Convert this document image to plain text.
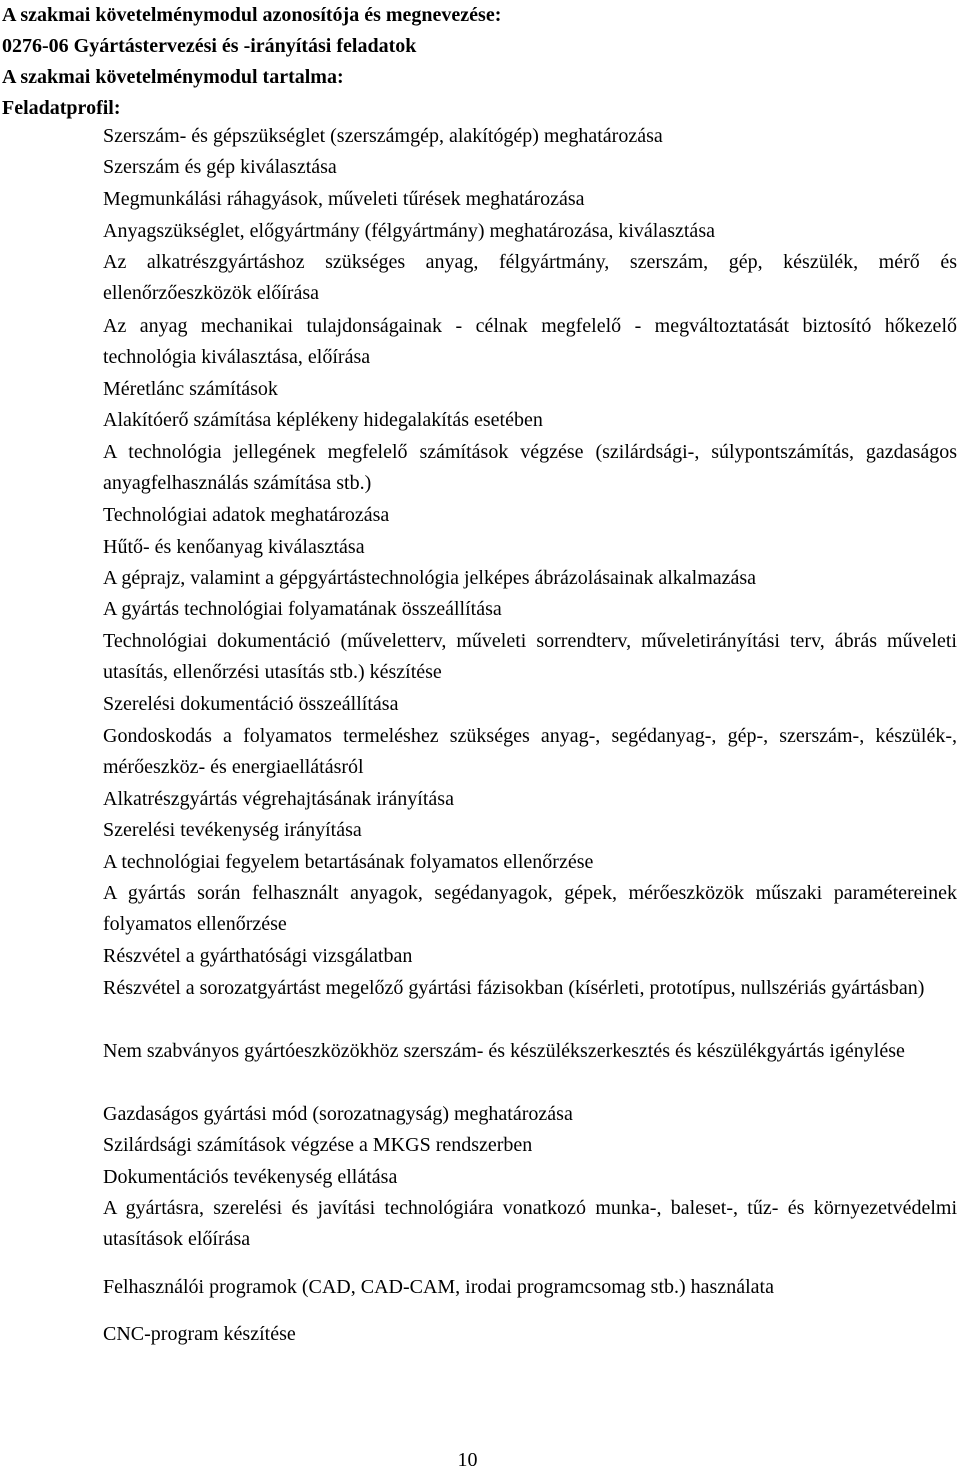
A szakmai követelménymodul azonosítója és megnevezése:
0276-06 Gyártástervezési és -irányítási feladatok
A szakmai követelménymodul tartalma:
Feladatprofil:
Szerszám- és gépszükséglet (szerszámgép, alakítógép) meghatározása
Szerszám és gép kiválasztása
Megmunkálási ráhagyások, műveleti tűrések meghatározása
Anyagszükséglet, előgyártmány (félgyártmány) meghatározása, kiválasztása
Az alkatrészgyártáshoz szükséges anyag, félgyártmány, szerszám, gép, készülék, mérő és ellenőrzőeszközök előírása
Az anyag mechanikai tulajdonságainak - célnak megfelelő - megváltoztatását biztosító hőkezelő technológia kiválasztása, előírása
Méretlánc számítások
Alakítóerő számítása képlékeny hidegalakítás esetében
A technológia jellegének megfelelő számítások végzése (szilárdsági-, súlypontszámítás, gazdaságos anyagfelhasználás számítása stb.)
Technológiai adatok meghatározása
Hűtő- és kenőanyag kiválasztása
A géprajz, valamint a gépgyártástechnológia jelképes ábrázolásainak alkalmazása
A gyártás technológiai folyamatának összeállítása
Technológiai dokumentáció (műveletterv, műveleti sorrendterv, műveletirányítási terv, ábrás műveleti utasítás, ellenőrzési utasítás stb.) készítése
Szerelési dokumentáció összeállítása
Gondoskodás a folyamatos termeléshez szükséges anyag-, segédanyag-, gép-, szerszám-, készülék-, mérőeszköz- és energiaellátásról
Alkatrészgyártás végrehajtásának irányítása
Szerelési tevékenység irányítása
A technológiai fegyelem betartásának folyamatos ellenőrzése
A gyártás során felhasznált anyagok, segédanyagok, gépek, mérőeszközök műszaki paramétereinek folyamatos ellenőrzése
Részvétel a gyárthatósági vizsgálatban
Részvétel a sorozatgyártást megelőző gyártási fázisokban (kísérleti, prototípus, nullszériás gyártásban)
Nem szabványos gyártóeszközökhöz szerszám- és készülékszerkesztés és készülékgyártás igénylése
Gazdaságos gyártási mód (sorozatnagyság) meghatározása
Szilárdsági számítások végzése a MKGS rendszerben
Dokumentációs tevékenység ellátása
A gyártásra, szerelési és javítási technológiára vonatkozó munka-, baleset-, tűz- és környezetvédelmi utasítások előírása
Felhasználói programok (CAD, CAD-CAM, irodai programcsomag stb.) használata
CNC-program készítése
10
